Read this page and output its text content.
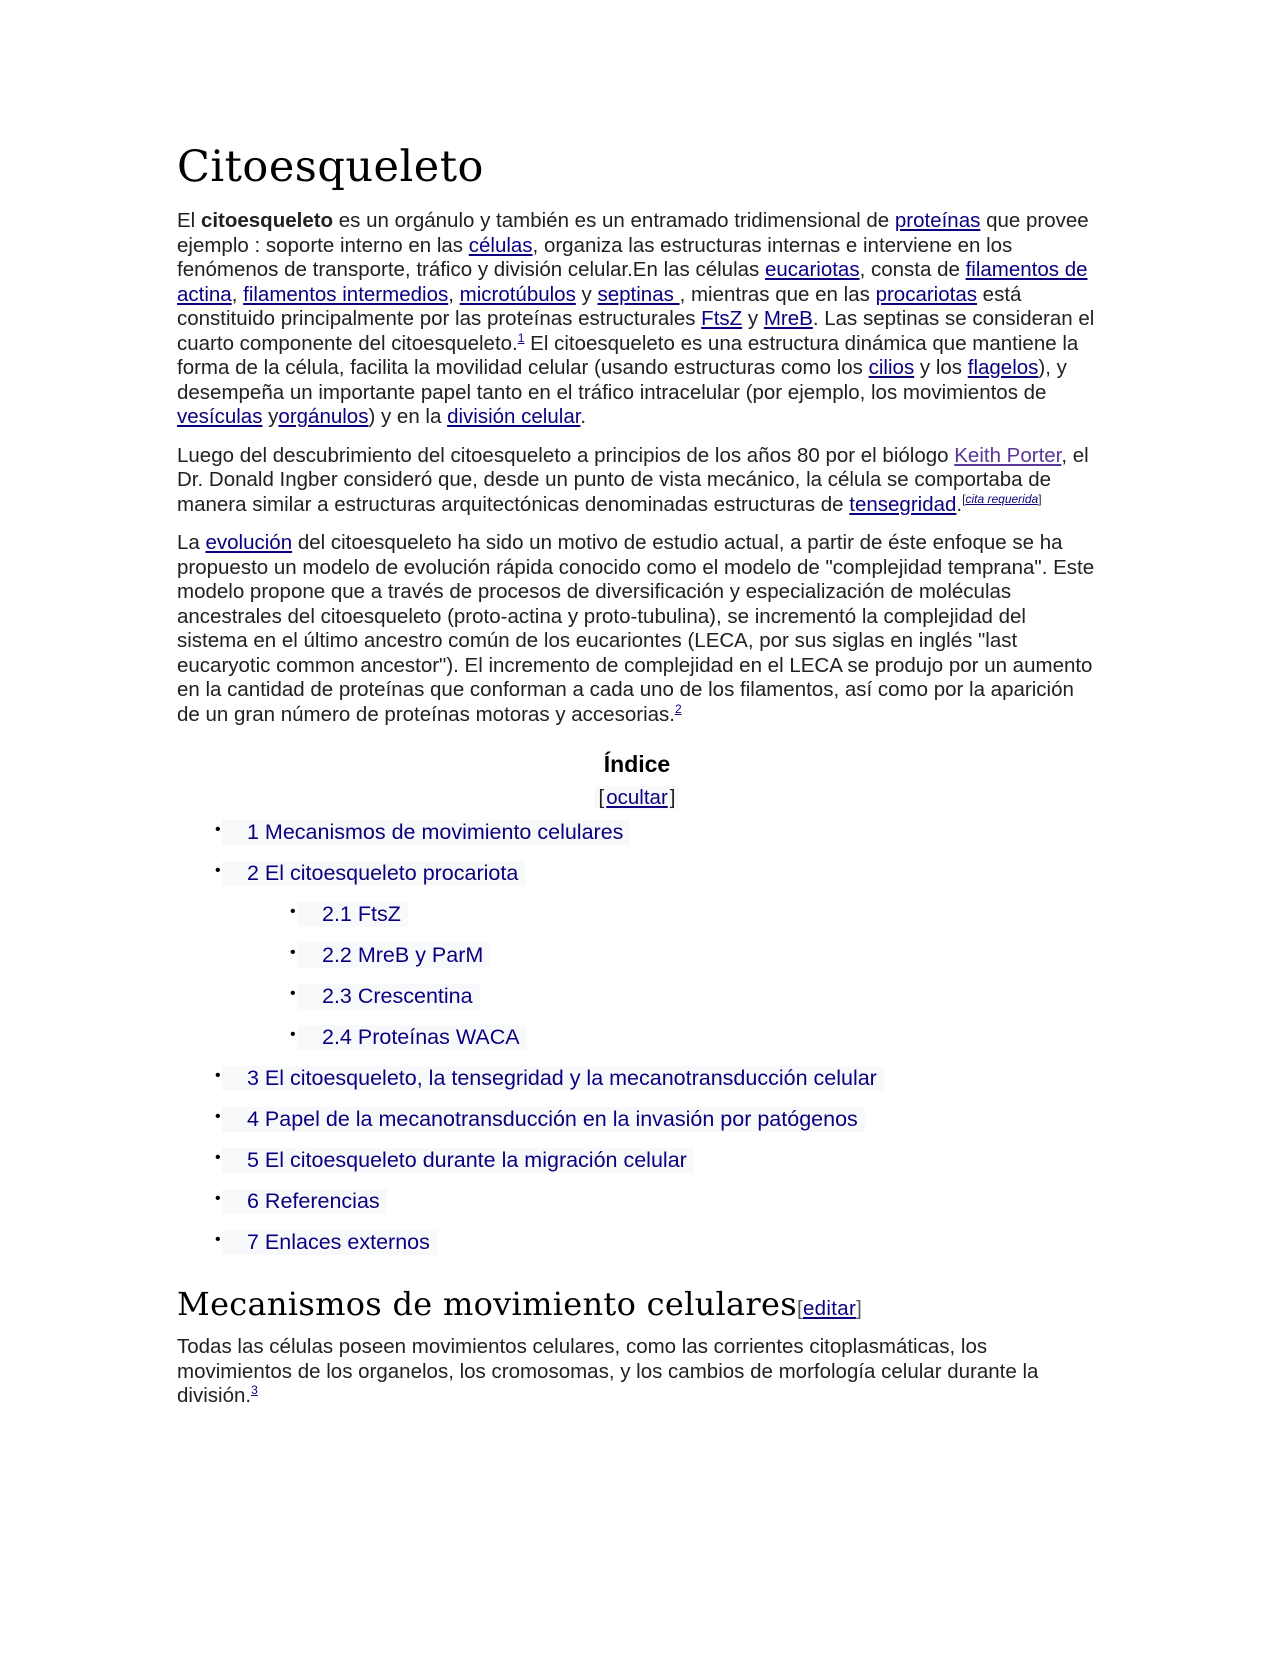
Citoesqueleto

El citoesqueleto es un orgánulo y también es un entramado tridimensional de proteínas que provee ejemplo : soporte interno en las células, organiza las estructuras internas e interviene en los fenómenos de transporte, tráfico y división celular.En las células eucariotas, consta de filamentos de actina, filamentos intermedios, microtúbulos y septinas , mientras que en las procariotas está constituido principalmente por las proteínas estructurales FtsZ y MreB. Las septinas se consideran el cuarto componente del citoesqueleto.$^1$ El citoesqueleto es una estructura dinámica que mantiene la forma de la célula, facilita la movilidad celular (usando estructuras como los cilios y los flagelos), y desempeña un importante papel tanto en el tráfico intracelular (por ejemplo, los movimientos de vesículas yorgánulos) y en la división celular.

Luego del descubrimiento del citoesqueleto a principios de los años 80 por el biólogo Keith Porter, el Dr. Donald Ingber consideró que, desde un punto de vista mecánico, la célula se comportaba de manera similar a estructuras arquitectónicas denominadas estructuras de tensegridad.[cita requerida]

La evolución del citoesqueleto ha sido un motivo de estudio actual, a partir de éste enfoque se ha propuesto un modelo de evolución rápida conocido como el modelo de "complejidad temprana". Este modelo propone que a través de procesos de diversificación y especialización de moléculas ancestrales del citoesqueleto (proto-actina y proto-tubulina), se incrementó la complejidad del sistema en el último ancestro común de los eucariontes (LECA, por sus siglas en inglés "last eucaryotic common ancestor"). El incremento de complejidad en el LECA se produjo por un aumento en la cantidad de proteínas que conforman a cada uno de los filamentos, así como por la aparición de un gran número de proteínas motoras y accesorias.$^2$

Índice
[ocultar]
•	1 Mecanismos de movimiento celulares
•	2 El citoesqueleto procariota
•	2.1 FtsZ
•	2.2 MreB y ParM
•	2.3 Crescentina
•	2.4 Proteínas WACA
•	3 El citoesqueleto, la tensegridad y la mecanotransducción celular
•	4 Papel de la mecanotransducción en la invasión por patógenos
•	5 El citoesqueleto durante la migración celular
•	6 Referencias
•	7 Enlaces externos
Mecanismos de movimiento celulares[editar]

Todas las células poseen movimientos celulares, como las corrientes citoplasmáticas, los movimientos de los organelos, los cromosomas, y los cambios de morfología celular durante la división.$^3$
